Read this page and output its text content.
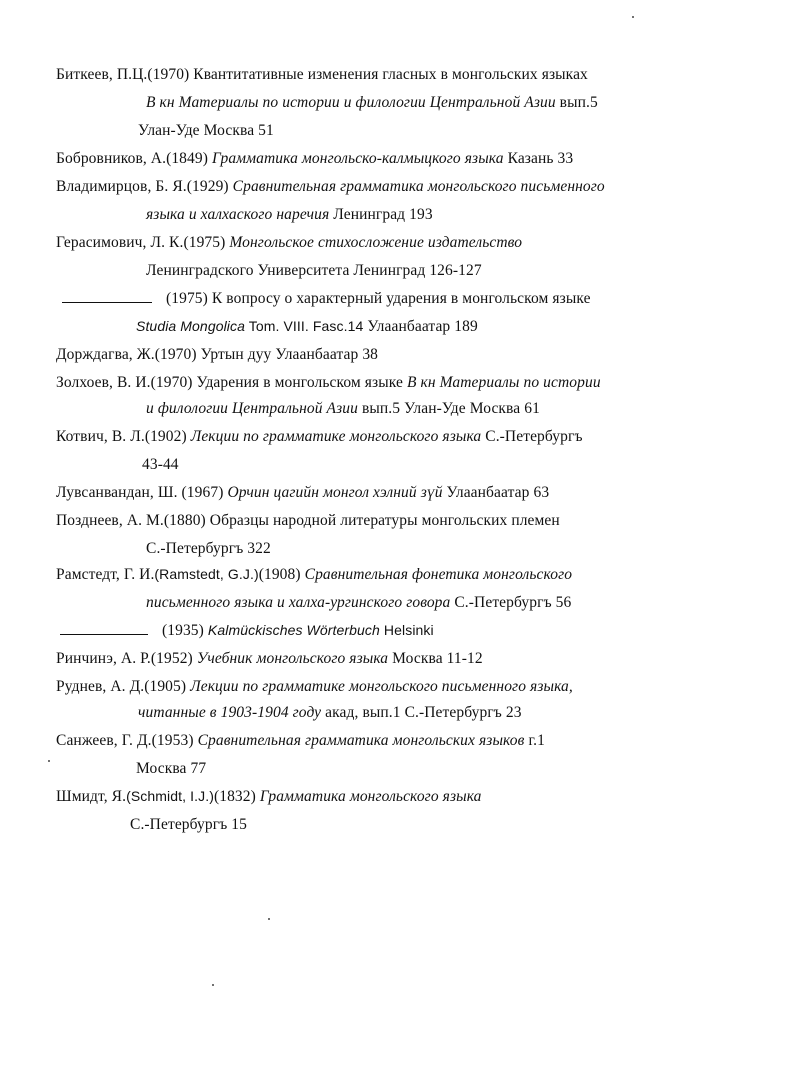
Биткеев, П.Ц.(1970) Квантитативные изменения гласных в монгольских языках
В кн Материалы по истории и филологии Центральной Азии вып.5
Улан-Уде Москва 51
Бобровников, А.(1849) Грамматика монгольско-калмыцкого языка Казань 33
Владимирцов, Б. Я.(1929) Сравнительная грамматика монгольского письменного
языка и халхаского наречия Ленинград 193
Герасимович, Л. К.(1975) Монгольское стихосложение издательство
Ленинградского Университета Ленинград 126-127
(1975) К вопросу о характерный ударения в монгольском языке
Studia Mongolica Tom. VIII. Fasc.14 Улаанбаатар 189
Дорждагва, Ж.(1970) Уртын дуу Улаанбаатар 38
Золхоев, В. И.(1970) Ударения в монгольском языке В кн Материалы по истории
и филологии Центральной Азии вып.5 Улан-Уде Москва 61
Котвич, В. Л.(1902) Лекции по грамматике монгольского языка С.-Петербургъ
43-44
Лувсанвандан, Ш. (1967) Орчин цагийн монгол хэлний зүй Улаанбаатар 63
Позднеев, А. М.(1880) Образцы народной литературы монгольских племен
С.-Петербургъ 322
Рамстедт, Г. И.(Ramstedt, G.J.)(1908) Сравнительная фонетика монгольского
письменного языка и халха-ургинского говора С.-Петербургъ 56
(1935) Kalmückisches Wörterbuch Helsinki
Ринчинэ, А. Р.(1952) Учебник монгольского языка Москва 11-12
Руднев, А. Д.(1905) Лекции по грамматике монгольского письменного языка,
читанные в 1903-1904 году акад, вып.1 С.-Петербургъ 23
Санжеев, Г. Д.(1953) Сравнительная грамматика монгольских языков г.1
Москва 77
Шмидт, Я.(Schmidt, I.J.)(1832) Грамматика монгольского языка
С.-Петербургъ 15
